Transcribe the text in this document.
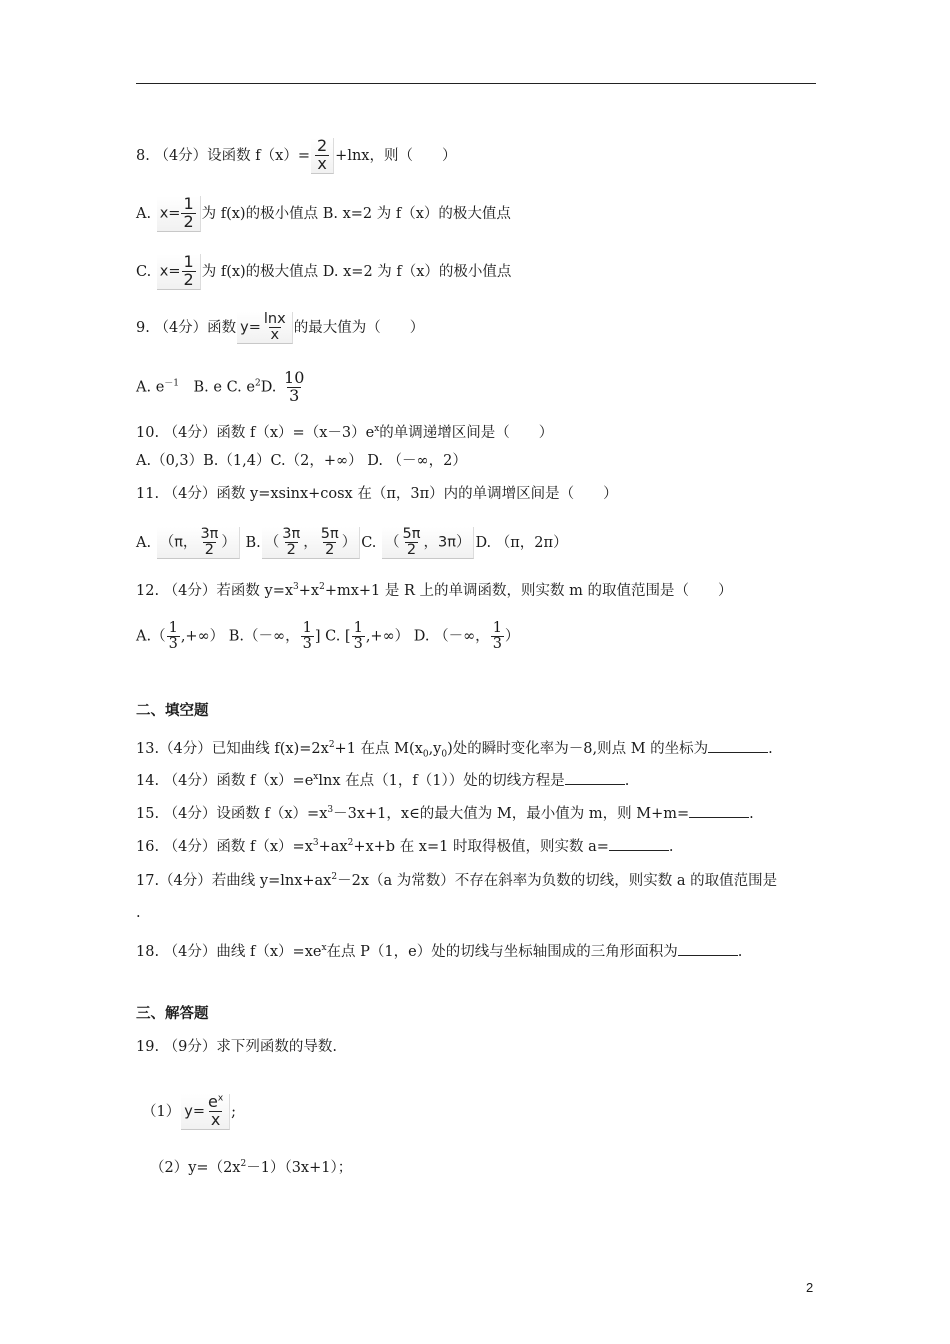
8. （4分）设函数 $f(x)= \frac{2}{x} +\ln x$，则（　　）
A. $x= \frac{1}{2}$ 为 f(x)的极小值点 B. x=2 为 f（x）的极大值点
C. $x= \frac{1}{2}$ 为 f(x)的极大值点 D. x=2 为 f（x）的极小值点
9. （4分）函数 $y= \frac{\ln x}{x}$ 的最大值为（　　）
A. $e^{-1}$　B. e C. $e^2D$. $\frac{10}{3}$
10. （4分）函数 $f(x)=(x-3)e^x$的单调递增区间是（　　）
A.（0,3）B.（1,4）C.（2，+∞） D. （－∞，2）
11. （4分）函数 y=xsinx+cosx 在（π，3π）内的单调增区间是（　　）
A. （π， $\frac{3\pi}{2}$ ） B. （ $\frac{3\pi}{2}$ ， $\frac{5\pi}{2}$ ） C. （ $\frac{5\pi}{2}$ ，3π） D. （π，2π）
12. （4分）若函数 $y=x^3+x^2+mx+1$ 是 R 上的单调函数，则实数 m 的取值范围是（　　）
$A.( \frac{1}{3}$ ,+∞） B.（－∞， $\frac{1}{3}$ ] C. [ $\frac{1}{3}$ ,+∞） D. （－∞， $\frac{1}{3}$ ）
二、填空题
13.（4分）已知曲线 $f(x)=2x^2+1$ 在点 $M(x_0,y_0)$处的瞬时变化率为－8,则点 M 的坐标为	.
14. （4分）函数 $f(x)=e^x\ln x$ 在点（1，f（1））处的切线方程是	.
15. （4分）设函数 $f(x)=x^3-3x+1$，x∈的最大值为 M，最小值为 m，则 M+m=	.
16. （4分）函数 $f(x)=x^3+ax^2+x+b$ 在 x=1 时取得极值，则实数 a=	.
17.（4分）若曲线 $y=\ln x+ax^2-2x(a$ 为常数）不存在斜率为负数的切线，则实数 a 的取值范围是
.
18. （4分）曲线 $f(x)=xe^x$在点 P（1，e）处的切线与坐标轴围成的三角形面积为	.
三、解答题
19. （9分）求下列函数的导数.
（1） $y= \frac{e^x}{x}$ ;
$(2)y=(2x^2-1)(3x+1)$；
2
